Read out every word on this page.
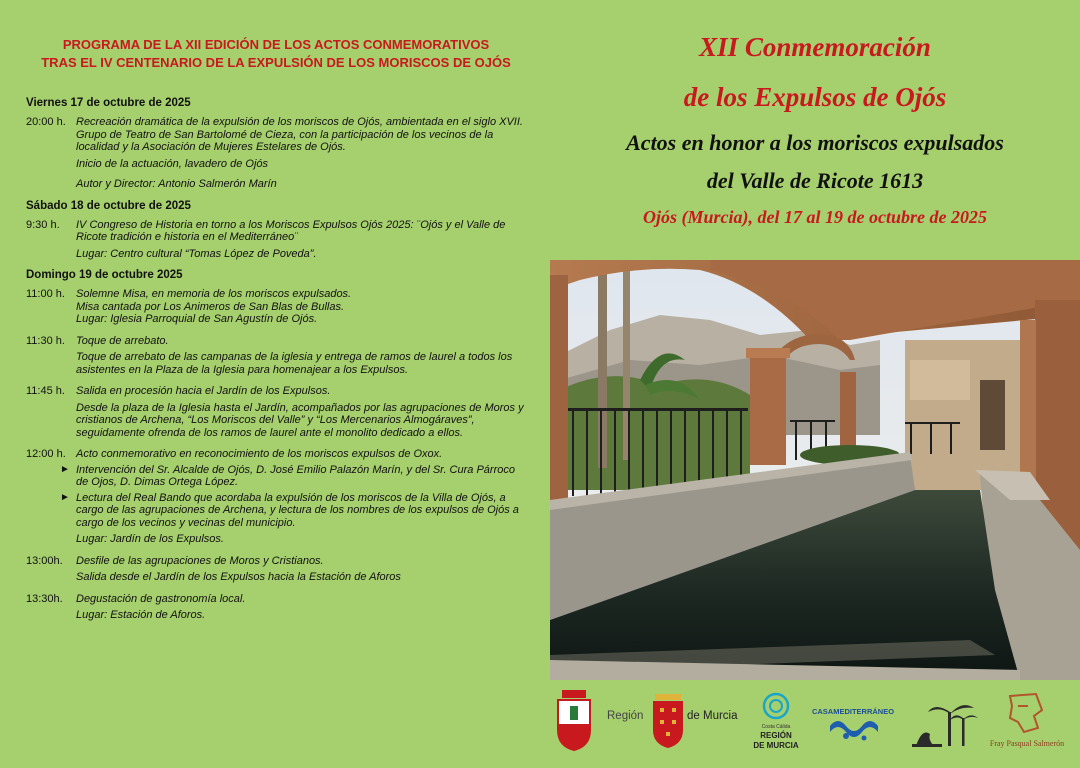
PROGRAMA DE LA XII EDICIÓN DE LOS ACTOS CONMEMORATIVOS
TRAS EL IV CENTENARIO DE LA EXPULSIÓN DE LOS MORISCOS DE OJÓS
Viernes 17 de octubre de 2025
20:00 h. Recreación dramática de la expulsión de los moriscos de Ojós, ambientada en el siglo XVII. Grupo de Teatro de San Bartolomé de Cieza, con la participación de los vecinos de la localidad y la Asociación de Mujeres Estelares de Ojós.
Inicio de la actuación, lavadero de Ojós
Autor y Director: Antonio Salmerón Marín
Sábado 18 de octubre de 2025
9:30 h.	IV Congreso de Historia en torno a los Moriscos Expulsos Ojós 2025: ¨Ojós y el Valle de Ricote tradición e historia en el Mediterráneo¨
Lugar: Centro cultural “Tomas López de Poveda”.
Domingo 19 de octubre 2025
11:00 h.	Solemne Misa, en memoria de los moriscos expulsados.
Misa cantada por Los Animeros de San Blas de Bullas.
Lugar: Iglesia Parroquial de San Agustín de Ojós.
11:30 h.	Toque de arrebato.
Toque de arrebato de las campanas de la iglesia y entrega de ramos de laurel a todos los asistentes en la Plaza de la Iglesia para homenajear a los Expulsos.
11:45 h.	Salida en procesión hacia el Jardín de los Expulsos.
Desde la plaza de la Iglesia hasta el Jardín, acompañados por las agrupaciones de Moros y cristianos de Archena, “Los Moriscos del Valle” y “Los Mercenarios Almogáraves”, seguidamente ofrenda de los ramos de laurel ante el monolito dedicado a ellos.
12:00 h. Acto conmemorativo en reconocimiento de los moriscos expulsos de Oxox.
► Intervención del Sr. Alcalde de Ojós, D. José Emilio Palazón Marín, y del Sr. Cura Párroco de Ojos, D. Dimas Ortega López.
► Lectura del Real Bando que acordaba la expulsión de los moriscos de la Villa de Ojós, a cargo de las agrupaciones de Archena, y lectura de los nombres de los expulsos de Ojós a cargo de los vecinos y vecinas del municipio.
Lugar: Jardín de los Expulsos.
13:00h.	Desfile de las agrupaciones de Moros y Cristianos.
Salida desde el Jardín de los Expulsos hacia la Estación de Aforos
13:30h.	Degustación de gastronomía local.
Lugar: Estación de Aforos.
XII Conmemoración
de los Expulsos de Ojós
Actos en honor a los moriscos expulsados
del Valle de Ricote 1613
Ojós (Murcia), del 17 al 19 de octubre de 2025
Región	de Murcia
Costa Cálida
REGIÓN
DE MURCIA
CASAMEDITERRÁNEO
Fray Pasqual Salmerón
